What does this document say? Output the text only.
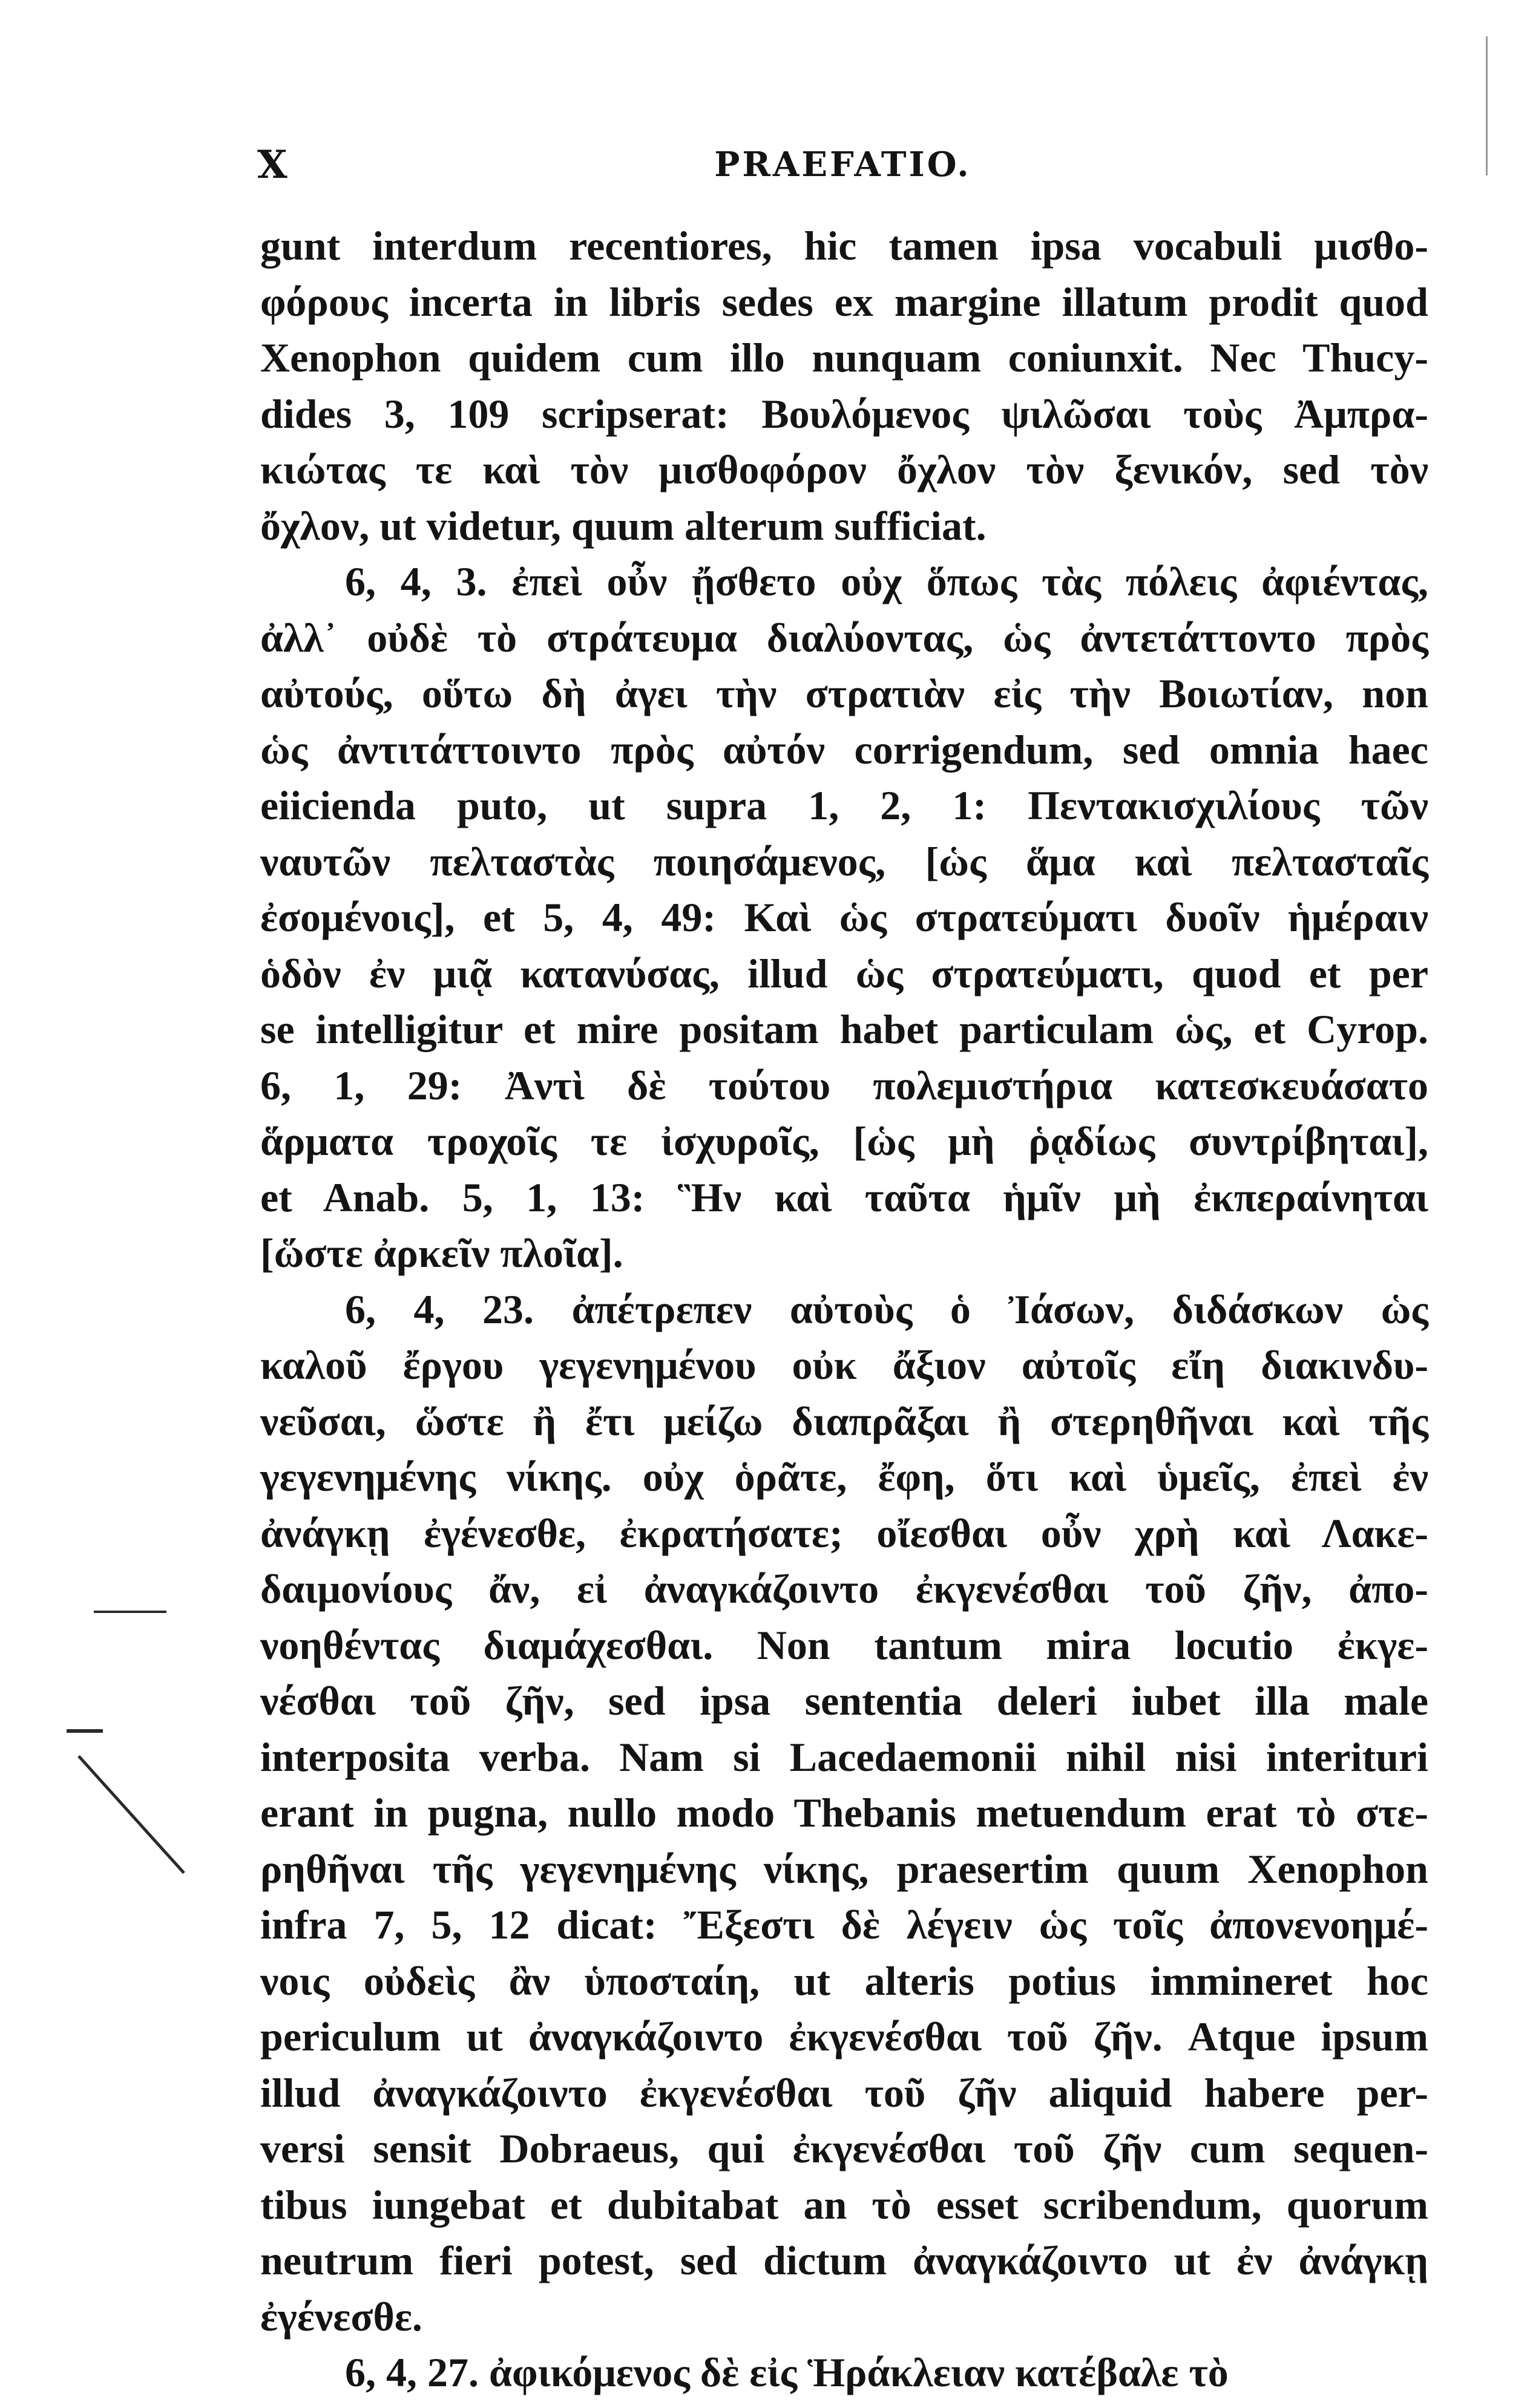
X	PRAEFATIO.
gunt interdum recentiores, hic tamen ipsa vocabuli μισθο-
φόρους incerta in libris sedes ex margine illatum prodit quod
Xenophon quidem cum illo nunquam coniunxit. Nec Thucy-
dides 3, 109 scripserat: Βουλόμενος ψιλῶσαι τοὺς Ἀμπρα-
κιώτας τε καὶ τὸν μισθοφόρον ὄχλον τὸν ξενικόν, sed τὸν
ὄχλον, ut videtur, quum alterum sufficiat.
6, 4, 3. ἐπεὶ οὖν ᾔσθετο οὐχ ὅπως τὰς πόλεις ἀφιέντας,
ἀλλ᾽ οὐδὲ τὸ στράτευμα διαλύοντας, ὡς ἀντετάττοντο πρὸς
αὐτούς, οὕτω δὴ ἀγει τὴν στρατιὰν εἰς τὴν Βοιωτίαν, non
ὡς ἀντιτάττοιντο πρὸς αὐτόν corrigendum, sed omnia haec
eiicienda puto, ut supra 1, 2, 1: Πεντακισχιλίους τῶν
ναυτῶν πελταστὰς ποιησάμενος, [ὡς ἅμα καὶ πελτασταῖς
ἐσομένοις], et 5, 4, 49: Καὶ ὡς στρατεύματι δυοῖν ἡμέραιν
ὁδὸν ἐν μιᾷ κατανύσας, illud ὡς στρατεύματι, quod et per
se intelligitur et mire positam habet particulam ὡς, et Cyrop.
6, 1, 29: Ἀντὶ δὲ τούτου πολεμιστήρια κατεσκευάσατο
ἅρματα τροχοῖς τε ἰσχυροῖς, [ὡς μὴ ῥᾳδίως συντρίβηται],
et Anab. 5, 1, 13: Ἣν καὶ ταῦτα ἡμῖν μὴ ἐκπεραίνηται
[ὥστε ἀρκεῖν πλοῖα].
6, 4, 23. ἀπέτρεπεν αὐτοὺς ὁ Ἰάσων, διδάσκων ὡς
καλοῦ ἔργου γεγενημένου οὐκ ἄξιον αὐτοῖς εἴη διακινδυ-
νεῦσαι, ὥστε ἢ ἔτι μείζω διαπρᾶξαι ἢ στερηθῆναι καὶ τῆς
γεγενημένης νίκης. οὐχ ὁρᾶτε, ἔφη, ὅτι καὶ ὑμεῖς, ἐπεὶ ἐν
ἀνάγκῃ ἐγένεσθε, ἐκρατήσατε; οἴεσθαι οὖν χρὴ καὶ Λακε-
δαιμονίους ἄν, εἰ ἀναγκάζοιντο ἐκγενέσθαι τοῦ ζῆν, ἀπο-
νοηθέντας διαμάχεσθαι. Non tantum mira locutio ἐκγε-
νέσθαι τοῦ ζῆν, sed ipsa sententia deleri iubet illa male
interposita verba. Nam si Lacedaemonii nihil nisi interituri
erant in pugna, nullo modo Thebanis metuendum erat τὸ στε-
ρηθῆναι τῆς γεγενημένης νίκης, praesertim quum Xenophon
infra 7, 5, 12 dicat: Ἔξεστι δὲ λέγειν ὡς τοῖς ἀπονενοημέ-
νοις οὐδεὶς ἂν ὑποσταίη, ut alteris potius immineret hoc
periculum ut ἀναγκάζοιντο ἐκγενέσθαι τοῦ ζῆν. Atque ipsum
illud ἀναγκάζοιντο ἐκγενέσθαι τοῦ ζῆν aliquid habere per-
versi sensit Dobraeus, qui ἐκγενέσθαι τοῦ ζῆν cum sequen-
tibus iungebat et dubitabat an τὸ esset scribendum, quorum
neutrum fieri potest, sed dictum ἀναγκάζοιντο ut ἐν ἀνάγκῃ
ἐγένεσθε.
6, 4, 27. ἀφικόμενος δὲ εἰς Ἡράκλειαν κατέβαλε τὸ
